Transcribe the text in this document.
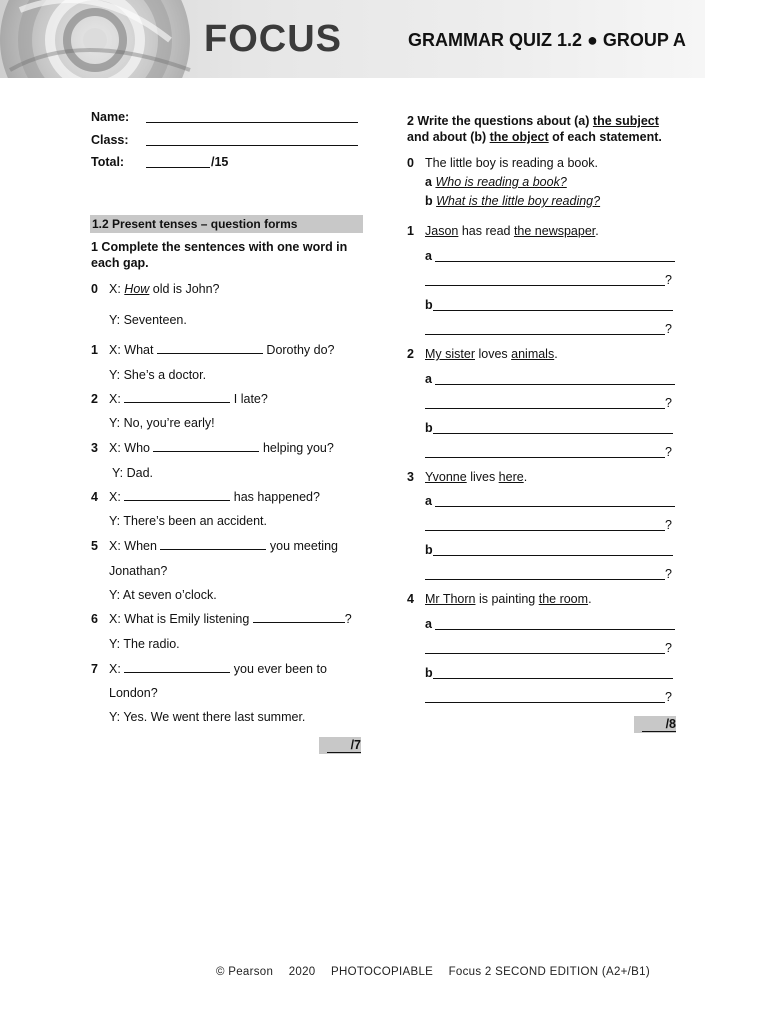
FOCUS	GRAMMAR QUIZ 1.2 ● GROUP A
Name:
Class:
Total:	/15
1.2 Present tenses – question forms
1 Complete the sentences with one word in
each gap.
0 X: How old is John?
Y: Seventeen.
1 X: What	Dorothy do?
Y: She’s a doctor.
2 X:	I late?
Y: No, you’re early!
3 X: Who	helping you?
Y: Dad.
4 X:	has happened?
Y: There’s been an accident.
5 X: When	you meeting
Jonathan?
Y: At seven o’clock.
6 X: What is Emily listening	?
Y: The radio.
7 X:	you ever been to
London?
Y: Yes. We went there last summer.
/7
2 Write the questions about (a) the subject
and about (b) the object of each statement.
0 The little boy is reading a book.
a Who is reading a book?
b What is the little boy reading?
1 Jason has read the newspaper.
a
?
b
?
2 My sister loves animals.
a
?
b
?
3 Yvonne lives here.
a
?
b
?
4 Mr Thorn is painting the room.
a
?
b
?
/8
© Pearson 2020 PHOTOCOPIABLE Focus 2 SECOND EDITION (A2+/B1)
